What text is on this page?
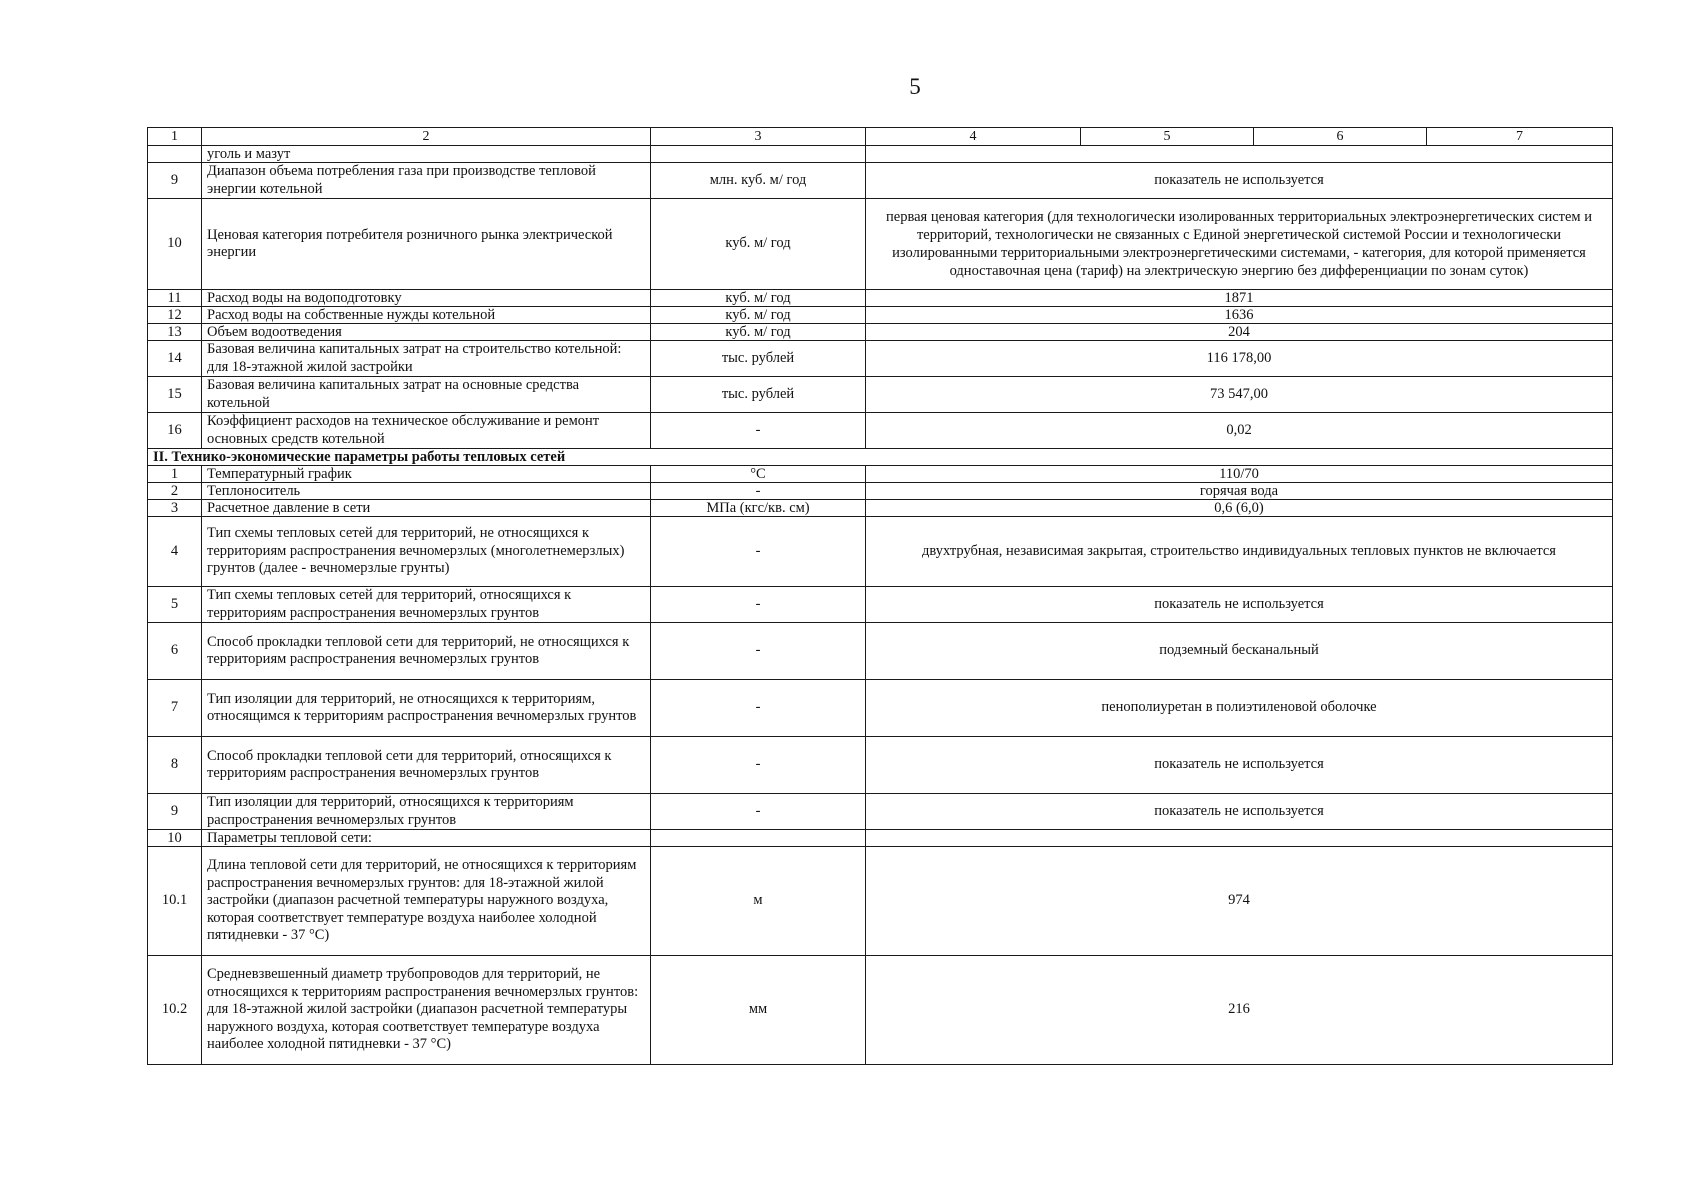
5
1	2	3	4	5	6	7
	уголь и мазут					
9	Диапазон объема потребления газа при производстве тепловой энергии котельной	млн. куб. м/ год	показатель не используется			
10	Ценовая категория потребителя розничного рынка электрической энергии	куб. м/ год	первая ценовая категория (для технологически изолированных территориальных электроэнергетических систем и территорий, технологически не связанных с Единой энергетической системой России и технологически изолированными территориальными электроэнергетическими системами, - категория, для которой применяется одноставочная цена (тариф) на электрическую энергию без дифференциации по зонам суток)			
11	Расход воды на водоподготовку	куб. м/ год	1871			
12	Расход воды на собственные нужды котельной	куб. м/ год	1636			
13	Объем водоотведения	куб. м/ год	204			
14	Базовая величина капитальных затрат на строительство котельной: для 18-этажной жилой застройки	тыс. рублей	116 178,00			
15	Базовая величина капитальных затрат на основные средства котельной	тыс. рублей	73 547,00			
16	Коэффициент расходов на техническое обслуживание и ремонт основных средств котельной	-	0,02			
II. Технико-экономические параметры работы тепловых сетей						
1	Температурный график	°С	110/70			
2	Теплоноситель	-	горячая вода			
3	Расчетное давление в сети	МПа (кгс/кв. см)	0,6 (6,0)			
4	Тип схемы тепловых сетей для территорий, не относящихся к территориям распространения вечномерзлых (многолетнемерзлых) грунтов (далее - вечномерзлые грунты)	-	двухтрубная, независимая закрытая, строительство индивидуальных тепловых пунктов не включается			
5	Тип схемы тепловых сетей для территорий, относящихся к территориям распространения вечномерзлых грунтов	-	показатель не используется			
6	Способ прокладки тепловой сети для территорий, не относящихся к территориям распространения вечномерзлых грунтов	-	подземный бесканальный			
7	Тип изоляции для территорий, не относящихся к территориям, относящимся к территориям распространения вечномерзлых грунтов	-	пенополиуретан в полиэтиленовой оболочке			
8	Способ прокладки тепловой сети для территорий, относящихся к территориям распространения вечномерзлых грунтов	-	показатель не используется			
9	Тип изоляции для территорий, относящихся к территориям распространения вечномерзлых грунтов	-	показатель не используется			
10	Параметры тепловой сети:					
10.1	Длина тепловой сети для территорий, не относящихся к территориям распространения вечномерзлых грунтов: для 18-этажной жилой застройки (диапазон расчетной температуры наружного воздуха, которая соответствует температуре воздуха наиболее холодной пятидневки - 37 °С)	м	974			
10.2	Средневзвешенный диаметр трубопроводов для территорий, не относящихся к территориям распространения вечномерзлых грунтов: для 18-этажной жилой застройки (диапазон расчетной температуры наружного воздуха, которая соответствует температуре воздуха наиболее холодной пятидневки - 37 °С)	мм	216			
